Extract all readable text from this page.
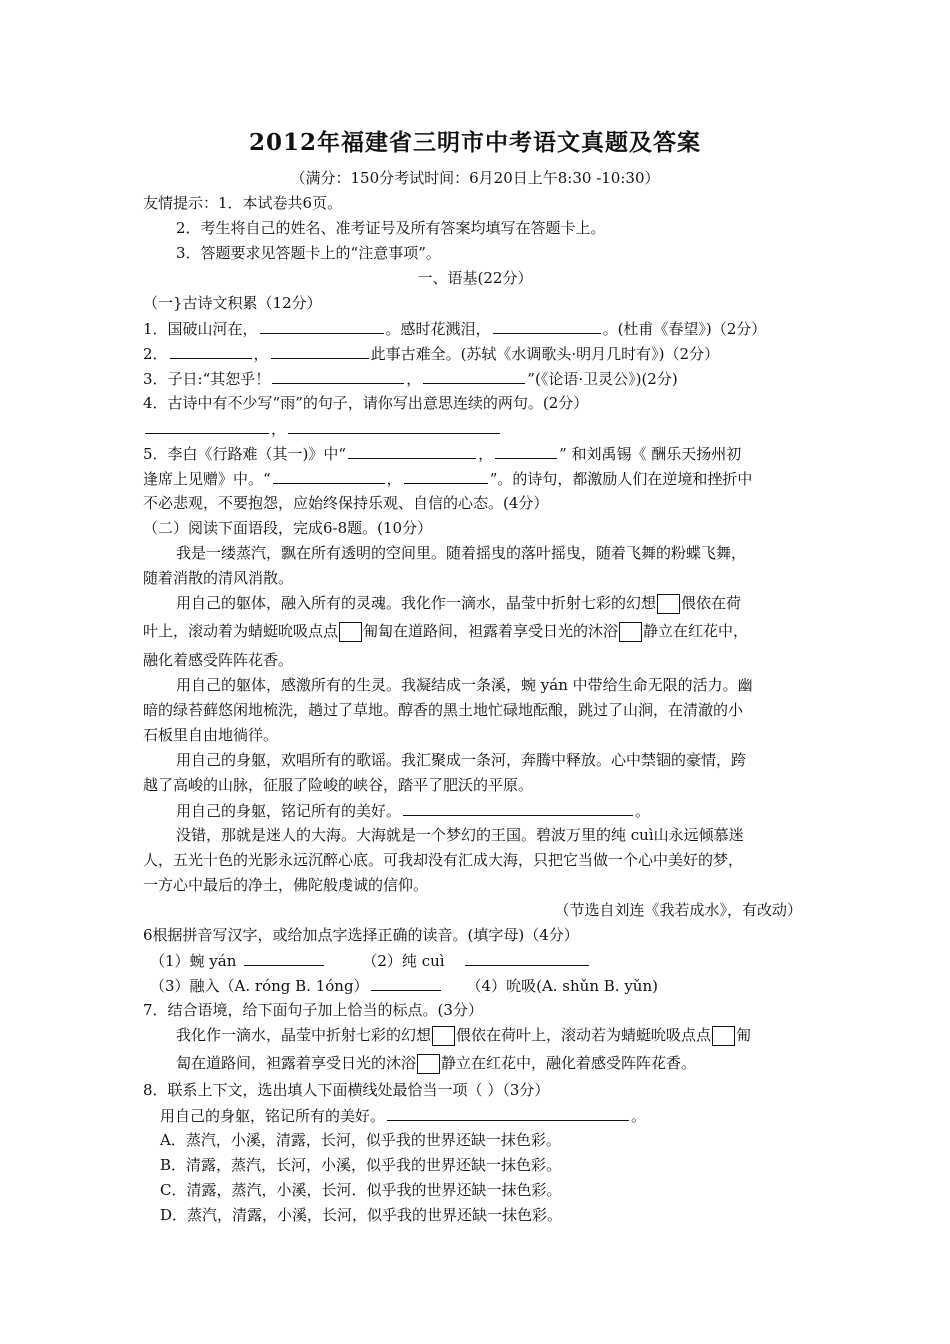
2012年福建省三明市中考语文真题及答案
（满分：150分考试时间：6月20日上午8:30 -10:30）
友情提示：1．本试卷共6页。
2．考生将自己的姓名、准考证号及所有答案均填写在答题卡上。
3．答题要求见答题卡上的“注意事项”。
一、语基(22分）
（一}古诗文积累（12分）
1．国破山河在，	。感时花溅泪，	。(杜甫《春望》)（2分）
2．	，	此事古难全。(苏轼《水调歌头·明月几时有》)（2分）
3．子日:“其恕乎！	，	”(《论语·卫灵公》)(2分)
4．古诗中有不少写“雨”的句子，请你写出意思连续的两句。(2分）
，
5．李白《行路难（其一)》中“	，	” 和刘禹锡《 酬乐天扬州初
逢席上见赠》中。“	，	”。的诗句，都激励人们在逆境和挫折中
不必悲观，不要抱怨，应始终保持乐观、自信的心态。(4分）
（二）阅读下面语段，完成6-8题。(10分）
我是一缕蒸汽，飘在所有透明的空间里。随着摇曳的落叶摇曳，随着飞舞的粉蝶飞舞，
随着消散的清风消散。
用自己的躯体，融入所有的灵魂。我化作一滴水，晶莹中折射七彩的幻想 偎依在荷
叶上，滚动着为蜻蜓吮吸点点 匍匐在道路间，袒露着享受日光的沐浴 静立在红花中，
融化着感受阵阵花香。
用自己的躯体，感激所有的生灵。我凝结成一条溪，蜿 yán 中带给生命无限的活力。幽
暗的绿苔藓悠闲地梳洗，趟过了草地。醇香的黑土地忙碌地酝酿，跳过了山涧，在清澈的小
石板里自由地徜徉。
用自己的身躯，欢唱所有的歌谣。我汇聚成一条河，奔腾中释放。心中禁锢的豪情，跨
越了高峻的山脉，征服了险峻的峡谷，踏平了肥沃的平原。
用自己的身躯，铭记所有的美好。	。
没错，那就是迷人的大海。大海就是一个梦幻的王国。碧波万里的纯 cuì山永远倾慕迷
人，五光十色的光影永远沉醉心底。可我却没有汇成大海，只把它当做一个心中美好的梦，
一方心中最后的净土，佛陀般虔诚的信仰。
（节选自刘连《我若成水》，有改动）
6根据拼音写汉字，或给加点字选择正确的读音。(填字母)（4分）
（1）蜿 yán	（2）纯 cuì
（3）融入（A. róng B. 1óng）	（4）吮吸(A. shǔn B. yǔn)
7．结合语境，给下面句子加上恰当的标点。(3分）
我化作一滴水，晶莹中折射七彩的幻想 偎依在荷叶上，滚动若为蜻蜓吮吸点点 匍
匐在道路间，袒露着享受日光的沐浴 静立在红花中，融化着感受阵阵花香。
8．联系上下文，选出填人下面横线处最恰当一项（ ）（3分）
用自己的身躯，铭记所有的美好。	。
A．蒸汽，小溪，清露，长河，似乎我的世界还缺一抹色彩。
B．清露，蒸汽，长河，小溪，似乎我的世界还缺一抹色彩。
C．清露，蒸汽，小溪，长河．似乎我的世界还缺一抹色彩。
D．蒸汽，清露，小溪，长河，似乎我的世界还缺一抹色彩。
